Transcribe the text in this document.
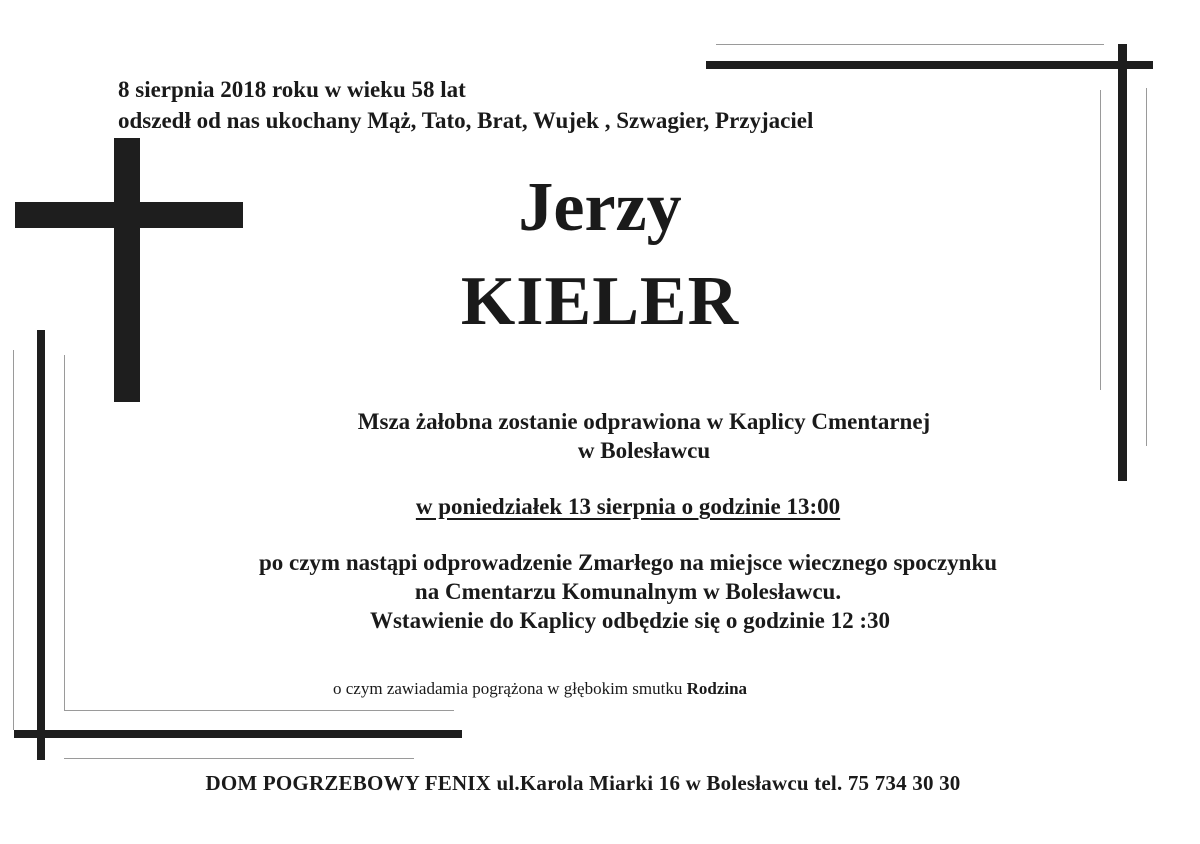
8 sierpnia 2018 roku w wieku 58 lat
odszedł od nas ukochany Mąż, Tato, Brat, Wujek , Szwagier, Przyjaciel
Jerzy
KIELER
Msza żałobna zostanie odprawiona w Kaplicy Cmentarnej
w Bolesławcu
w poniedziałek 13 sierpnia o godzinie 13:00
po czym nastąpi odprowadzenie Zmarłego na miejsce wiecznego spoczynku
na Cmentarzu Komunalnym w Bolesławcu.
Wstawienie do Kaplicy odbędzie się o godzinie 12 :30
o czym zawiadamia pogrążona w głębokim smutku Rodzina
DOM POGRZEBOWY FENIX ul.Karola Miarki 16 w Bolesławcu tel. 75 734 30 30
